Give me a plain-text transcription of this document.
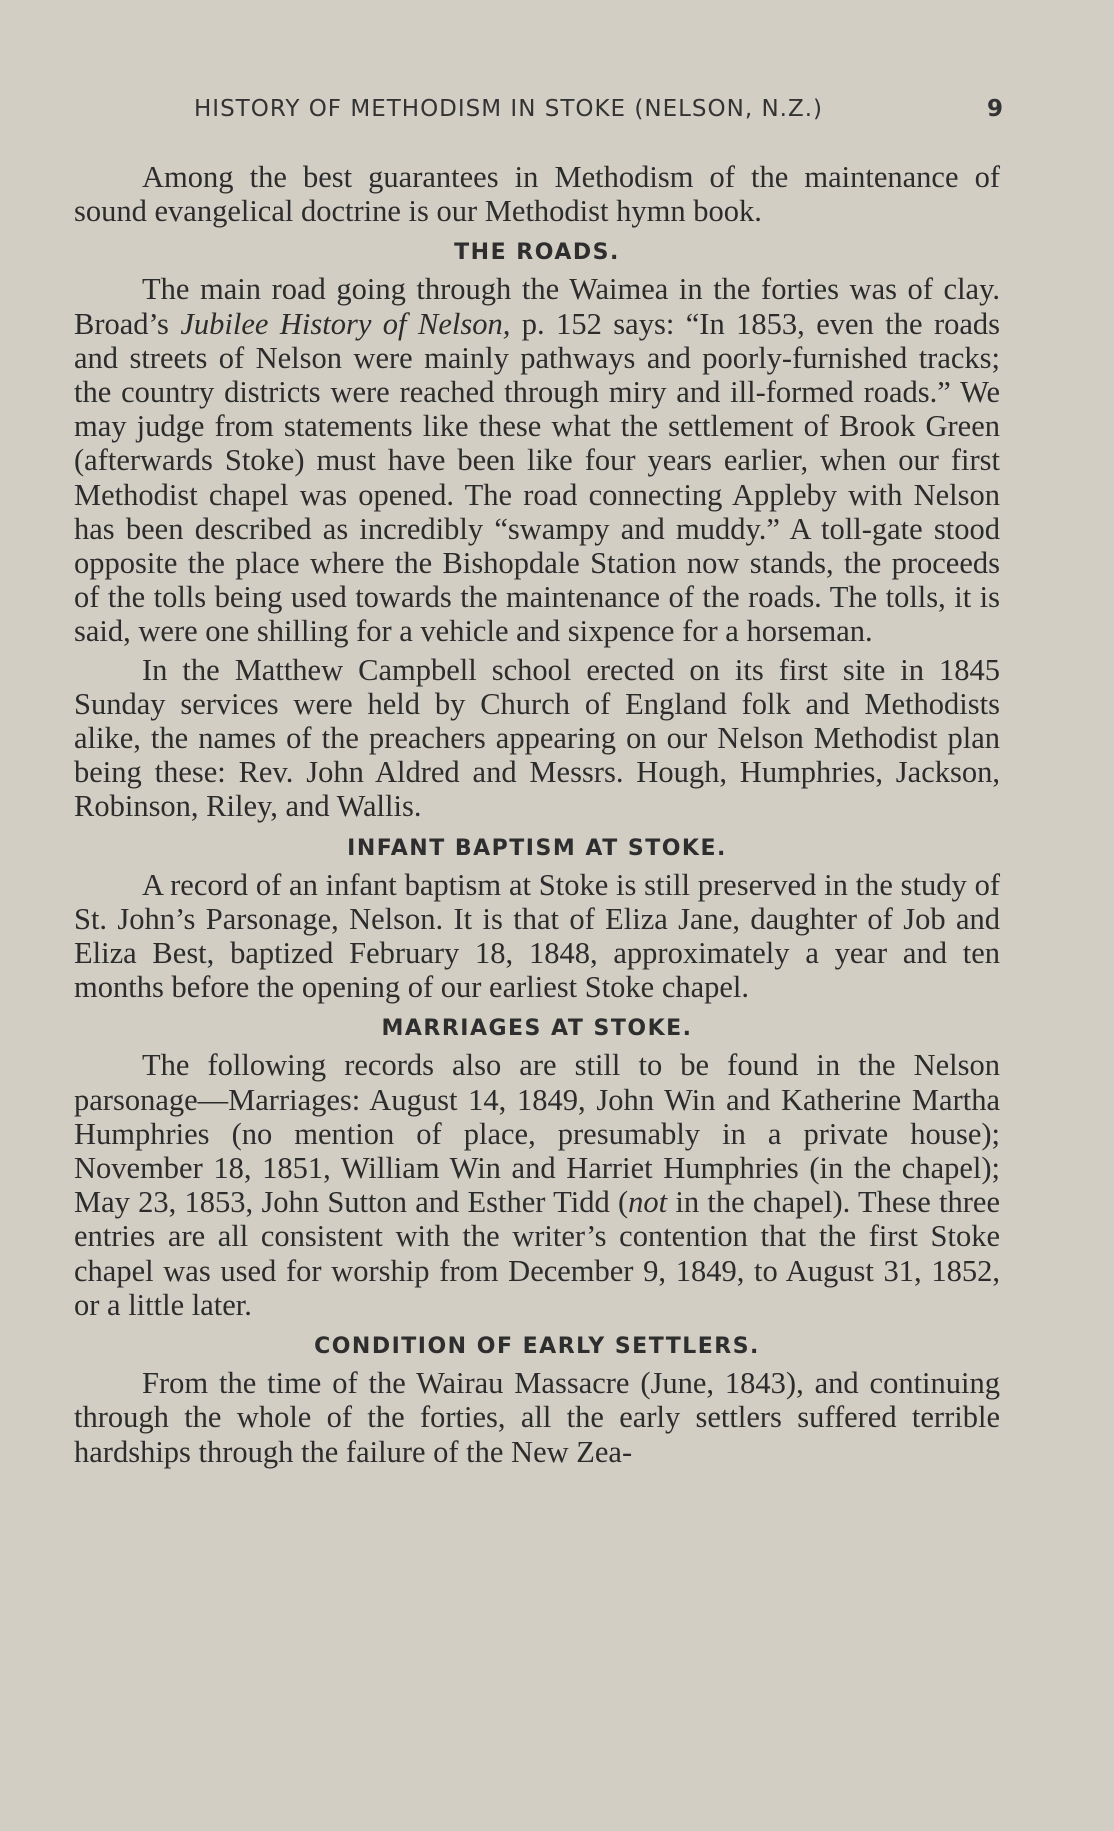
HISTORY OF METHODISM IN STOKE (NELSON, N.Z.)	9

Among the best guarantees in Methodism of the maintenance of sound evangelical doctrine is our Methodist hymn book.

THE ROADS.

The main road going through the Waimea in the forties was of clay. Broad’s Jubilee History of Nelson, p. 152 says: “In 1853, even the roads and streets of Nelson were mainly pathways and poorly-furnished tracks; the country districts were reached through miry and ill-formed roads.” We may judge from statements like these what the settlement of Brook Green (afterwards Stoke) must have been like four years earlier, when our first Methodist chapel was opened. The road connecting Appleby with Nelson has been described as incredibly “swampy and muddy.” A toll-gate stood opposite the place where the Bishopdale Station now stands, the proceeds of the tolls being used towards the maintenance of the roads. The tolls, it is said, were one shilling for a vehicle and sixpence for a horseman.

In the Matthew Campbell school erected on its first site in 1845 Sunday services were held by Church of England folk and Methodists alike, the names of the preachers appearing on our Nelson Methodist plan being these: Rev. John Aldred and Messrs. Hough, Humphries, Jackson, Robinson, Riley, and Wallis.

INFANT BAPTISM AT STOKE.

A record of an infant baptism at Stoke is still preserved in the study of St. John’s Parsonage, Nelson. It is that of Eliza Jane, daughter of Job and Eliza Best, baptized February 18, 1848, approximately a year and ten months before the opening of our earliest Stoke chapel.

MARRIAGES AT STOKE.

The following records also are still to be found in the Nelson parsonage—Marriages: August 14, 1849, John Win and Katherine Martha Humphries (no mention of place, presumably in a private house); November 18, 1851, William Win and Harriet Humphries (in the chapel); May 23, 1853, John Sutton and Esther Tidd (not in the chapel). These three entries are all consistent with the writer’s contention that the first Stoke chapel was used for worship from December 9, 1849, to August 31, 1852, or a little later.

CONDITION OF EARLY SETTLERS.

From the time of the Wairau Massacre (June, 1843), and continuing through the whole of the forties, all the early settlers suffered terrible hardships through the failure of the New Zea-
